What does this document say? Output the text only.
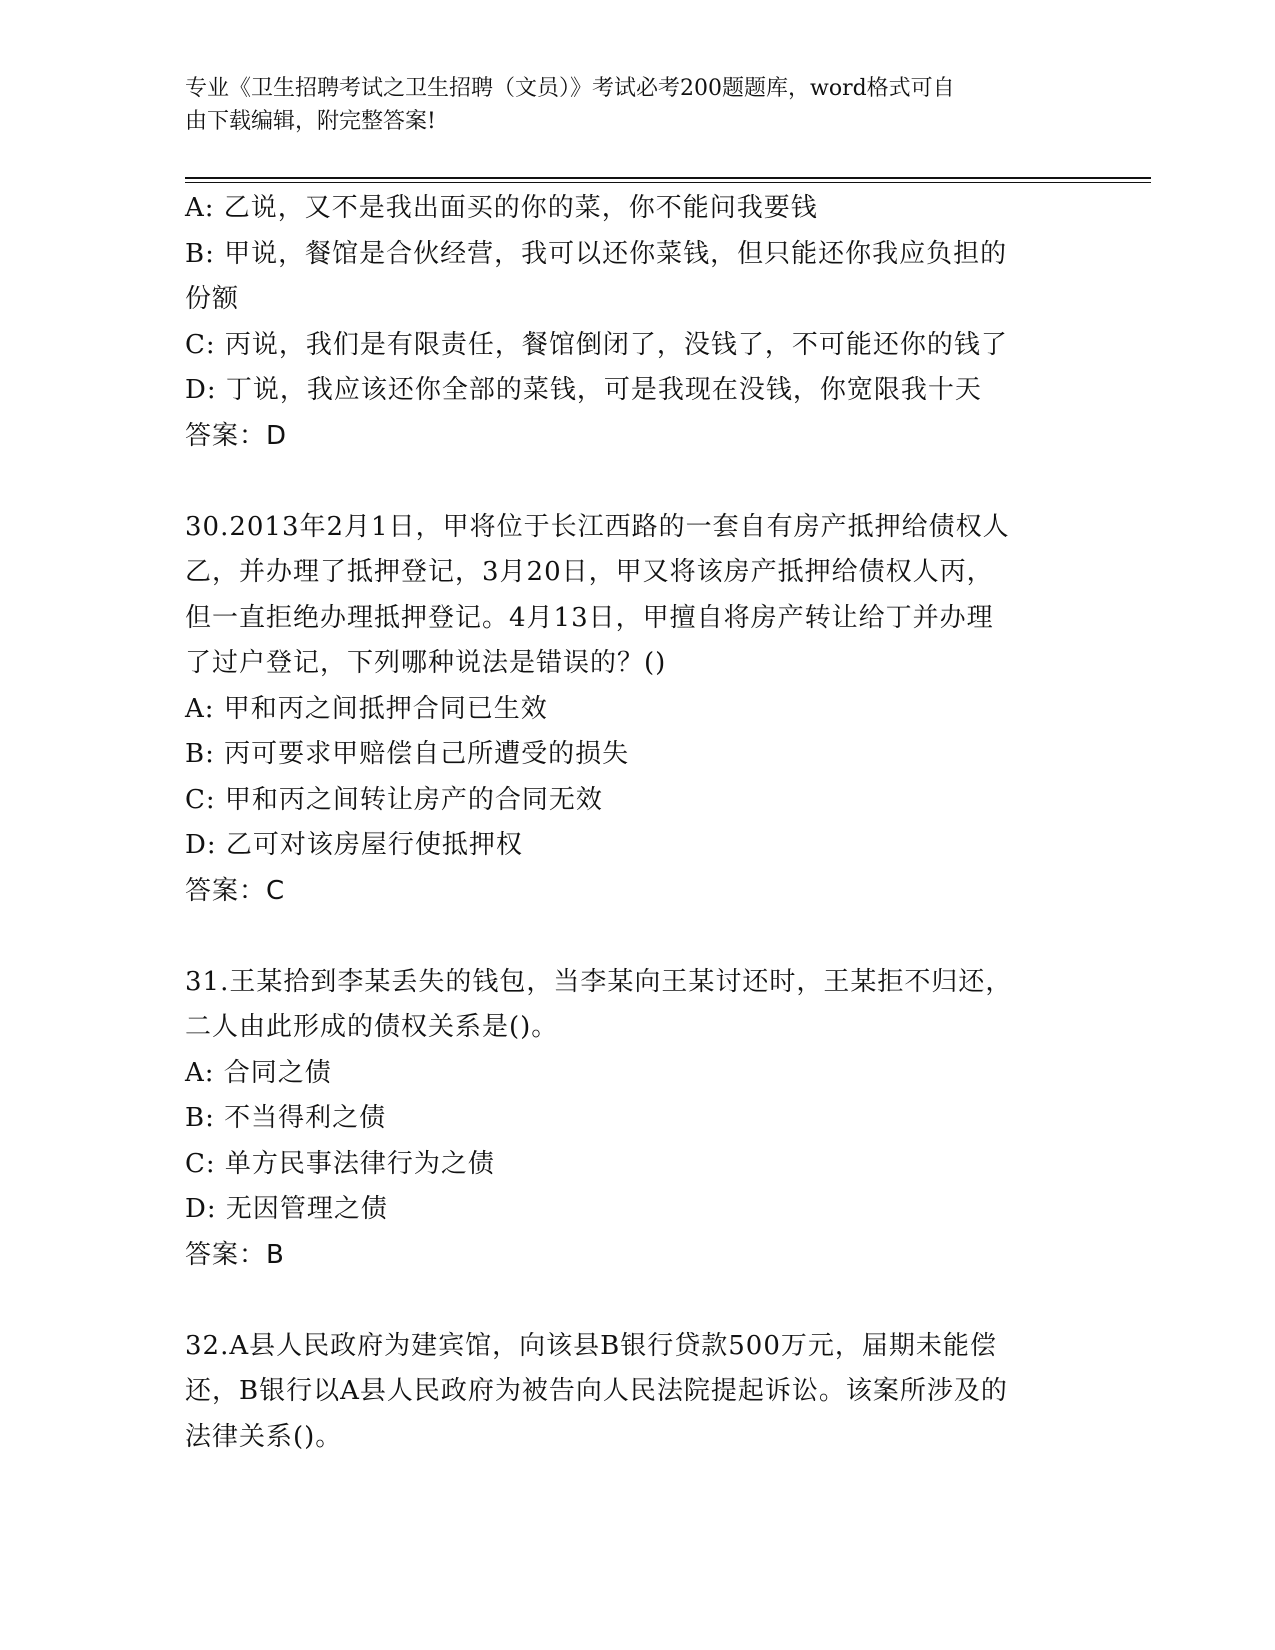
专业《卫生招聘考试之卫生招聘（文员）》考试必考200题题库，word格式可自
由下载编辑，附完整答案!
A: 乙说，又不是我出面买的你的菜，你不能问我要钱
B: 甲说，餐馆是合伙经营，我可以还你菜钱，但只能还你我应负担的
份额
C: 丙说，我们是有限责任，餐馆倒闭了，没钱了，不可能还你的钱了
D: 丁说，我应该还你全部的菜钱，可是我现在没钱，你宽限我十天
答案：D
30.2013年2月1日，甲将位于长江西路的一套自有房产抵押给债权人
乙，并办理了抵押登记，3月20日，甲又将该房产抵押给债权人丙，
但一直拒绝办理抵押登记。4月13日，甲擅自将房产转让给丁并办理
了过户登记，下列哪种说法是错误的？()
A: 甲和丙之间抵押合同已生效
B: 丙可要求甲赔偿自己所遭受的损失
C: 甲和丙之间转让房产的合同无效
D: 乙可对该房屋行使抵押权
答案：C
31.王某拾到李某丢失的钱包，当李某向王某讨还时，王某拒不归还，
二人由此形成的债权关系是()。
A: 合同之债
B: 不当得利之债
C: 单方民事法律行为之债
D: 无因管理之债
答案：B
32.A县人民政府为建宾馆，向该县B银行贷款500万元，届期未能偿
还，B银行以A县人民政府为被告向人民法院提起诉讼。该案所涉及的
法律关系()。
